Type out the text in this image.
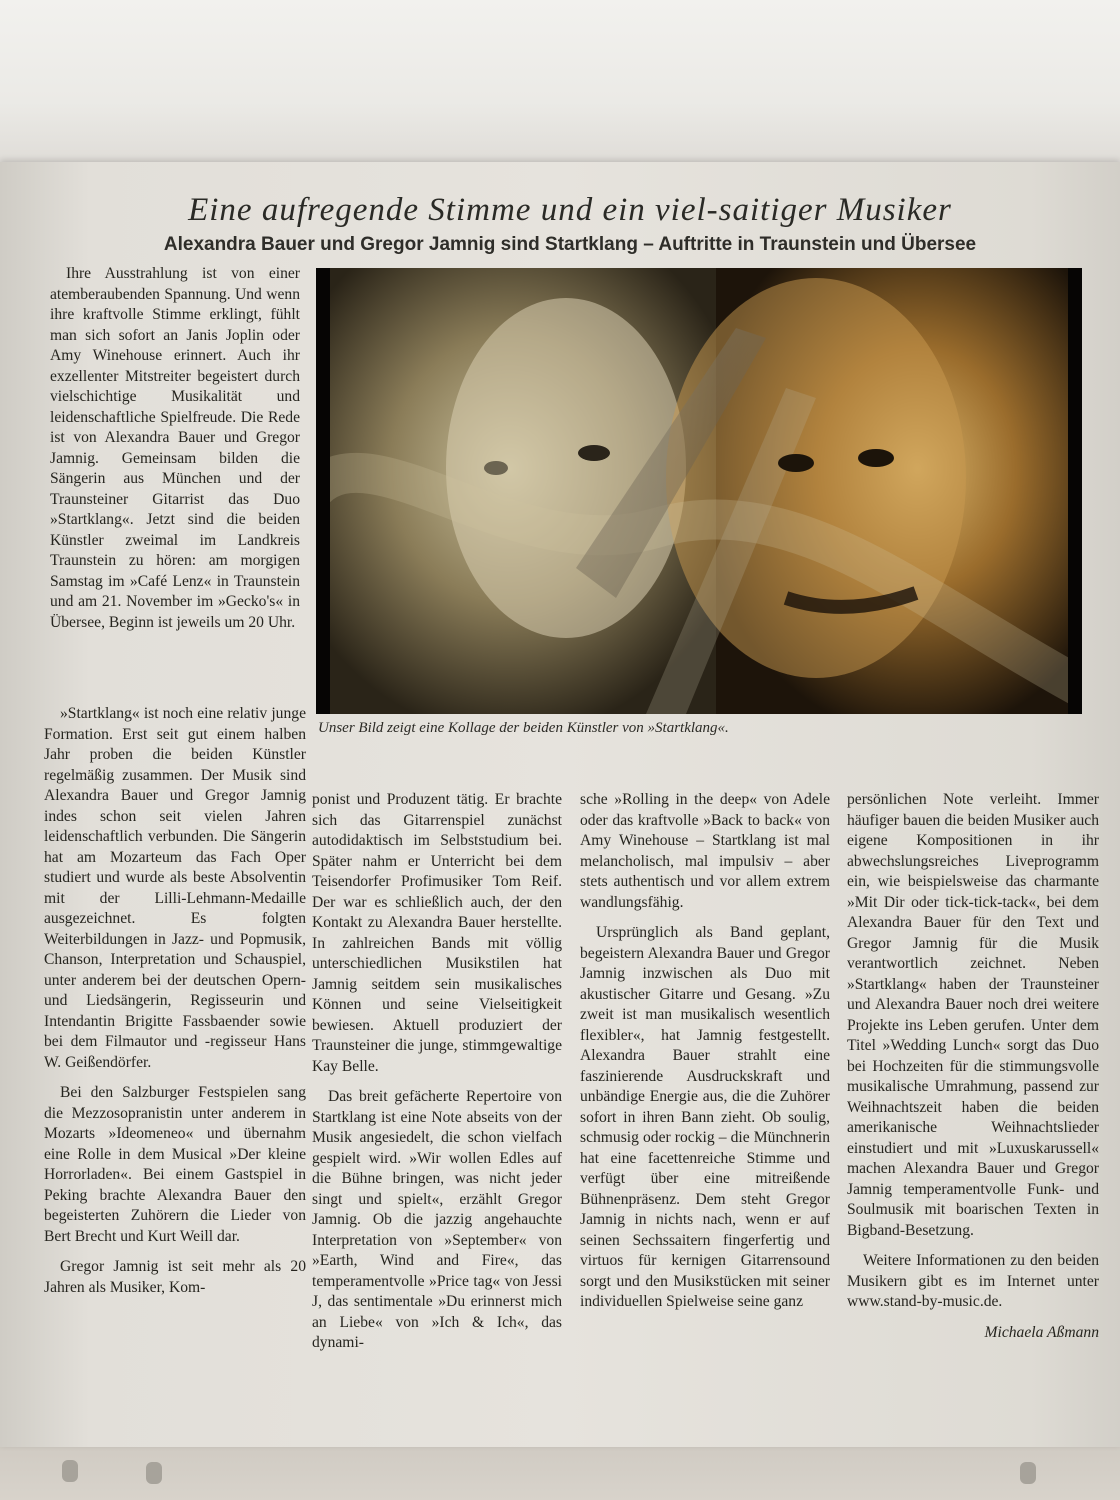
Eine aufregende Stimme und ein viel-saitiger Musiker
Alexandra Bauer und Gregor Jamnig sind Startklang – Auftritte in Traunstein und Übersee

Ihre Ausstrahlung ist von einer atemberaubenden Spannung. Und wenn ihre kraftvolle Stimme erklingt, fühlt man sich sofort an Janis Joplin oder Amy Winehouse erinnert. Auch ihr exzellenter Mitstreiter begeistert durch vielschichtige Musikalität und leidenschaftliche Spielfreude. Die Rede ist von Alexandra Bauer und Gregor Jamnig. Gemeinsam bilden die Sängerin aus München und der Traunsteiner Gitarrist das Duo »Startklang«. Jetzt sind die beiden Künstler zweimal im Landkreis Traunstein zu hören: am morgigen Samstag im »Café Lenz« in Traunstein und am 21. November im »Gecko's« in Übersee, Beginn ist jeweils um 20 Uhr.

Unser Bild zeigt eine Kollage der beiden Künstler von »Startklang«.

»Startklang« ist noch eine relativ junge Formation. Erst seit gut einem halben Jahr proben die beiden Künstler regelmäßig zusammen. Der Musik sind Alexandra Bauer und Gregor Jamnig indes schon seit vielen Jahren leidenschaftlich verbunden. Die Sängerin hat am Mozarteum das Fach Oper studiert und wurde als beste Absolventin mit der Lilli-Lehmann-Medaille ausgezeichnet. Es folgten Weiterbildungen in Jazz- und Popmusik, Chanson, Interpretation und Schauspiel, unter anderem bei der deutschen Opern- und Liedsängerin, Regisseurin und Intendantin Brigitte Fassbaender sowie bei dem Filmautor und -regisseur Hans W. Geißendörfer.

Bei den Salzburger Festspielen sang die Mezzosopranistin unter anderem in Mozarts »Ideomeneo« und übernahm eine Rolle in dem Musical »Der kleine Horrorladen«. Bei einem Gastspiel in Peking brachte Alexandra Bauer den begeisterten Zuhörern die Lieder von Bert Brecht und Kurt Weill dar.

Gregor Jamnig ist seit mehr als 20 Jahren als Musiker, Kom-

ponist und Produzent tätig. Er brachte sich das Gitarrenspiel zunächst autodidaktisch im Selbststudium bei. Später nahm er Unterricht bei dem Teisendorfer Profimusiker Tom Reif. Der war es schließlich auch, der den Kontakt zu Alexandra Bauer herstellte. In zahlreichen Bands mit völlig unterschiedlichen Musikstilen hat Jamnig seitdem sein musikalisches Können und seine Vielseitigkeit bewiesen. Aktuell produziert der Traunsteiner die junge, stimmgewaltige Kay Belle.

Das breit gefächerte Repertoire von Startklang ist eine Note abseits von der Musik angesiedelt, die schon vielfach gespielt wird. »Wir wollen Edles auf die Bühne bringen, was nicht jeder singt und spielt«, erzählt Gregor Jamnig. Ob die jazzig angehauchte Interpretation von »September« von »Earth, Wind and Fire«, das temperamentvolle »Price tag« von Jessi J, das sentimentale »Du erinnerst mich an Liebe« von »Ich & Ich«, das dynami-

sche »Rolling in the deep« von Adele oder das kraftvolle »Back to back« von Amy Winehouse – Startklang ist mal melancholisch, mal impulsiv – aber stets authentisch und vor allem extrem wandlungsfähig.

Ursprünglich als Band geplant, begeistern Alexandra Bauer und Gregor Jamnig inzwischen als Duo mit akustischer Gitarre und Gesang. »Zu zweit ist man musikalisch wesentlich flexibler«, hat Jamnig festgestellt. Alexandra Bauer strahlt eine faszinierende Ausdruckskraft und unbändige Energie aus, die die Zuhörer sofort in ihren Bann zieht. Ob soulig, schmusig oder rockig – die Münchnerin hat eine facettenreiche Stimme und verfügt über eine mitreißende Bühnenpräsenz. Dem steht Gregor Jamnig in nichts nach, wenn er auf seinen Sechssaitern fingerfertig und virtuos für kernigen Gitarrensound sorgt und den Musikstücken mit seiner individuellen Spielweise seine ganz

persönlichen Note verleiht. Immer häufiger bauen die beiden Musiker auch eigene Kompositionen in ihr abwechslungsreiches Liveprogramm ein, wie beispielsweise das charmante »Mit Dir oder tick-tick-tack«, bei dem Alexandra Bauer für den Text und Gregor Jamnig für die Musik verantwortlich zeichnet. Neben »Startklang« haben der Traunsteiner und Alexandra Bauer noch drei weitere Projekte ins Leben gerufen. Unter dem Titel »Wedding Lunch« sorgt das Duo bei Hochzeiten für die stimmungsvolle musikalische Umrahmung, passend zur Weihnachtszeit haben die beiden amerikanische Weihnachtslieder einstudiert und mit »Luxuskarussell« machen Alexandra Bauer und Gregor Jamnig temperamentvolle Funk- und Soulmusik mit boarischen Texten in Bigband-Besetzung.

Weitere Informationen zu den beiden Musikern gibt es im Internet unter www.stand-by-music.de.

Michaela Aßmann
